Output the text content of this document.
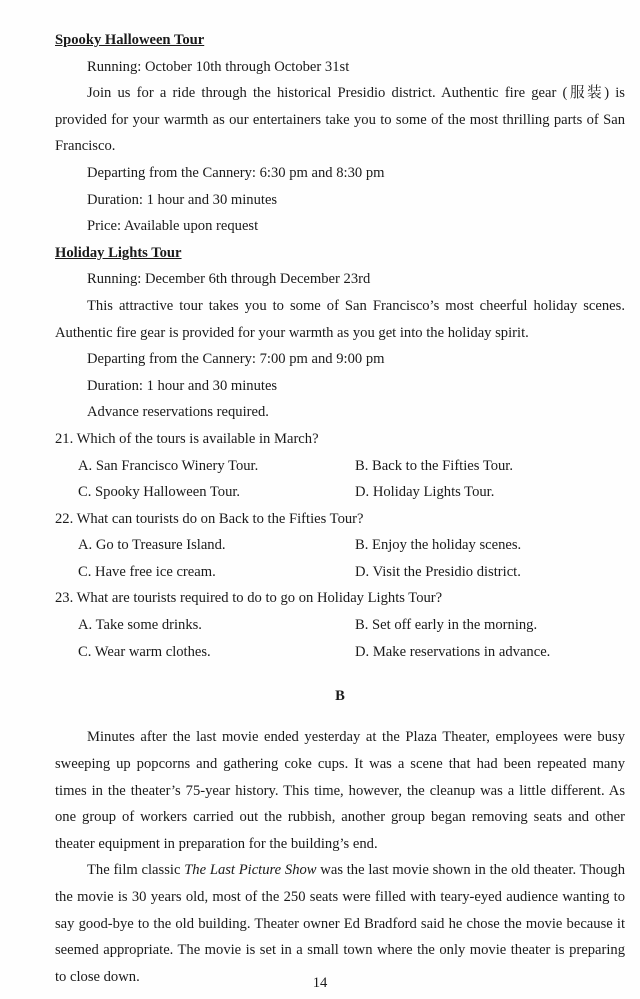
Spooky Halloween Tour

Running: October 10th through October 31st

Join us for a ride through the historical Presidio district. Authentic fire gear (服装) is provided for your warmth as our entertainers take you to some of the most thrilling parts of San Francisco.

Departing from the Cannery: 6:30 pm and 8:30 pm

Duration: 1 hour and 30 minutes

Price: Available upon request

Holiday Lights Tour

Running: December 6th through December 23rd

This attractive tour takes you to some of San Francisco’s most cheerful holiday scenes. Authentic fire gear is provided for your warmth as you get into the holiday spirit.

Departing from the Cannery: 7:00 pm and 9:00 pm

Duration: 1 hour and 30 minutes

Advance reservations required.

21. Which of the tours is available in March?

A. San Francisco Winery Tour.	B. Back to the Fifties Tour.
C. Spooky Halloween Tour.	D. Holiday Lights Tour.

22. What can tourists do on Back to the Fifties Tour?

A. Go to Treasure Island.	B. Enjoy the holiday scenes.
C. Have free ice cream.	D. Visit the Presidio district.

23. What are tourists required to do to go on Holiday Lights Tour?

A. Take some drinks.	B. Set off early in the morning.
C. Wear warm clothes.	D. Make reservations in advance.

B

Minutes after the last movie ended yesterday at the Plaza Theater, employees were busy sweeping up popcorns and gathering coke cups. It was a scene that had been repeated many times in the theater’s 75-year history. This time, however, the cleanup was a little different. As one group of workers carried out the rubbish, another group began removing seats and other theater equipment in preparation for the building’s end.

The film classic The Last Picture Show was the last movie shown in the old theater. Though the movie is 30 years old, most of the 250 seats were filled with teary-eyed audience wanting to say good-bye to the old building. Theater owner Ed Bradford said he chose the movie because it seemed appropriate. The movie is set in a small town where the only movie theater is preparing to close down.	14
